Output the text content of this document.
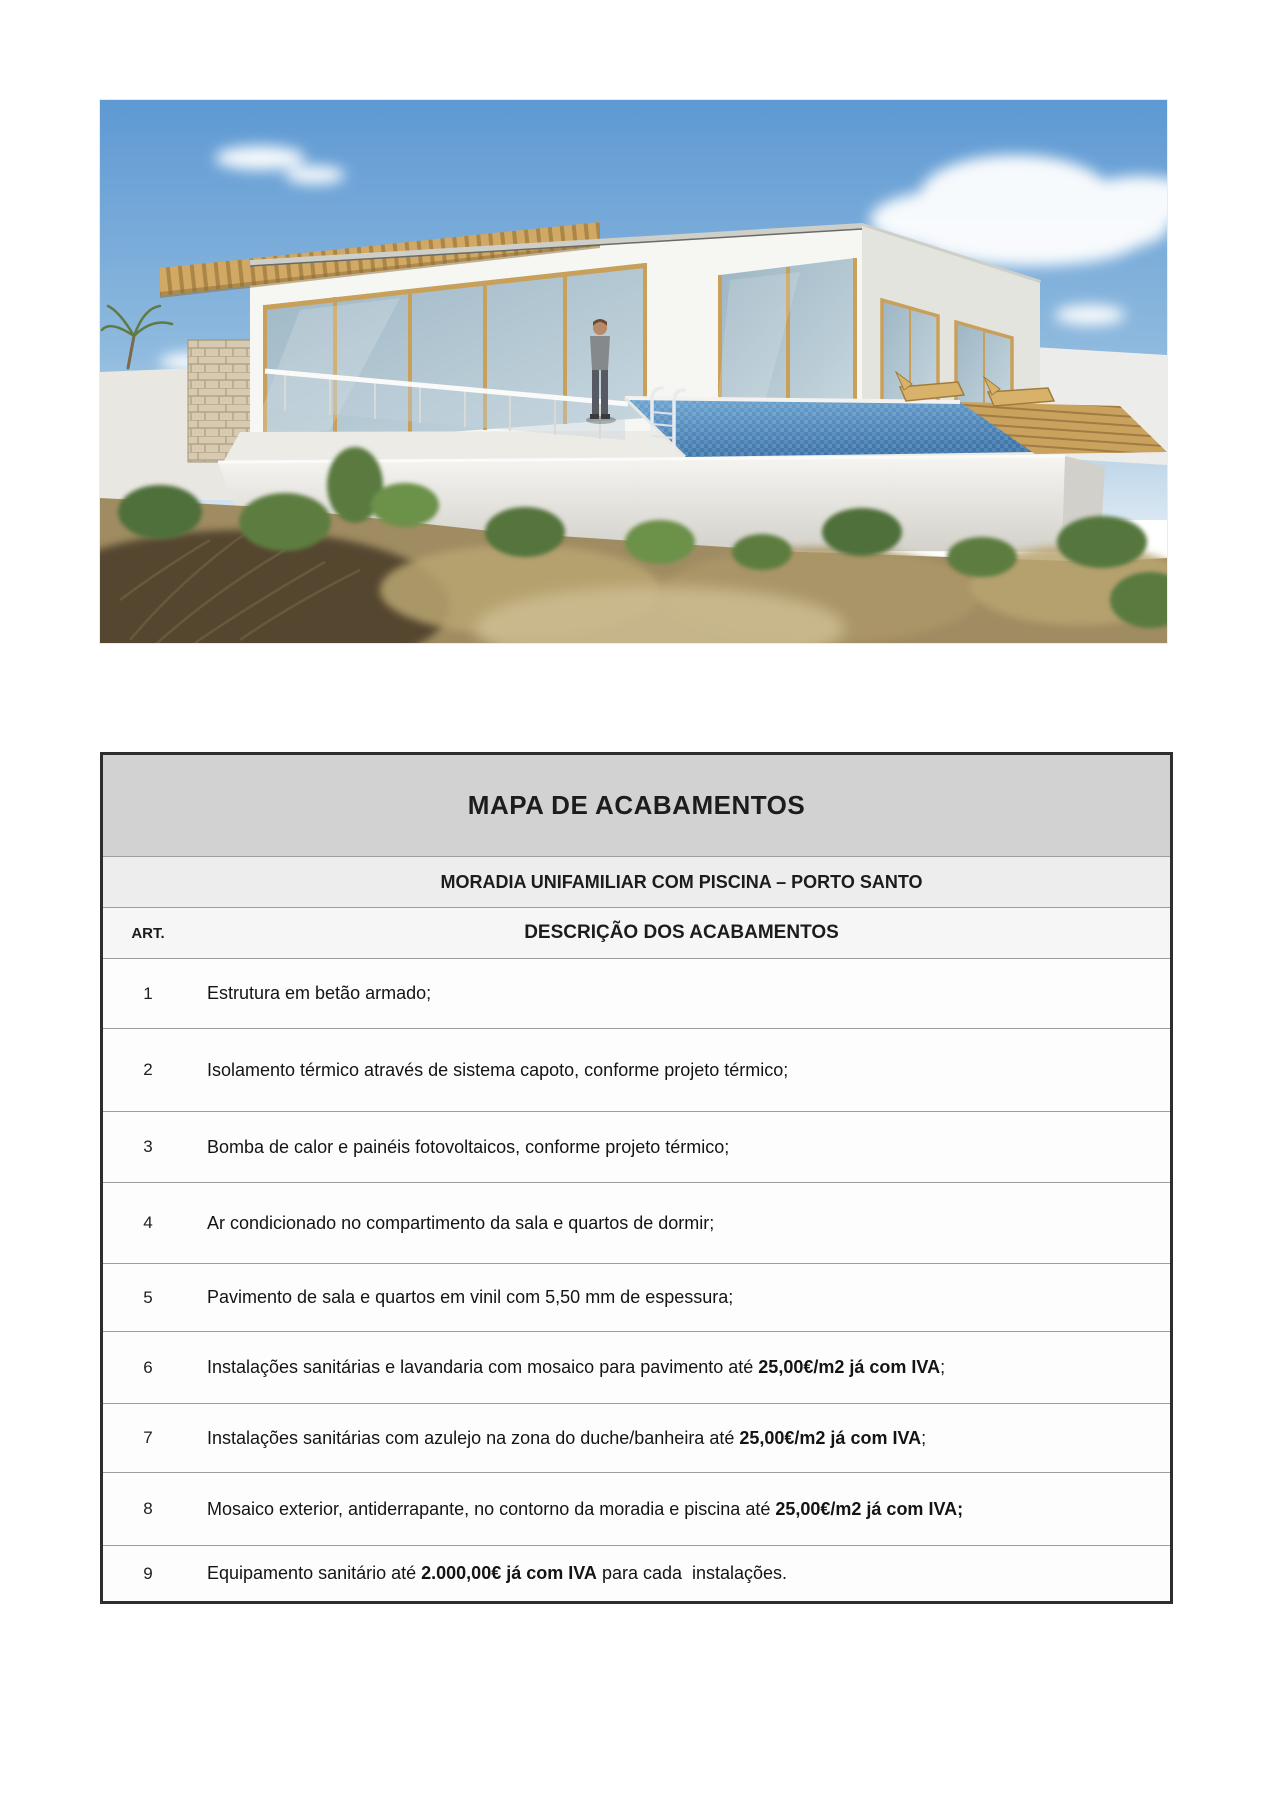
MAPA DE ACABAMENTOS
MORADIA UNIFAMILIAR COM PISCINA – PORTO SANTO
ART.	DESCRIÇÃO DOS ACABAMENTOS
1	Estrutura em betão armado;
2	Isolamento térmico através de sistema capoto, conforme projeto térmico;
3	Bomba de calor e painéis fotovoltaicos, conforme projeto térmico;
4	Ar condicionado no compartimento da sala e quartos de dormir;
5	Pavimento de sala e quartos em vinil com 5,50 mm de espessura;
6	Instalações sanitárias e lavandaria com mosaico para pavimento até 25,00€/m2 já com IVA ;
7	Instalações sanitárias com azulejo na zona do duche/banheira até 25,00€/m2 já com IVA ;
8	Mosaico exterior, antiderrapante, no contorno da moradia e piscina até 25,00€/m2 já com IVA;
9	Equipamento sanitário até 2.000,00€ já com IVA para cada  instalações.
